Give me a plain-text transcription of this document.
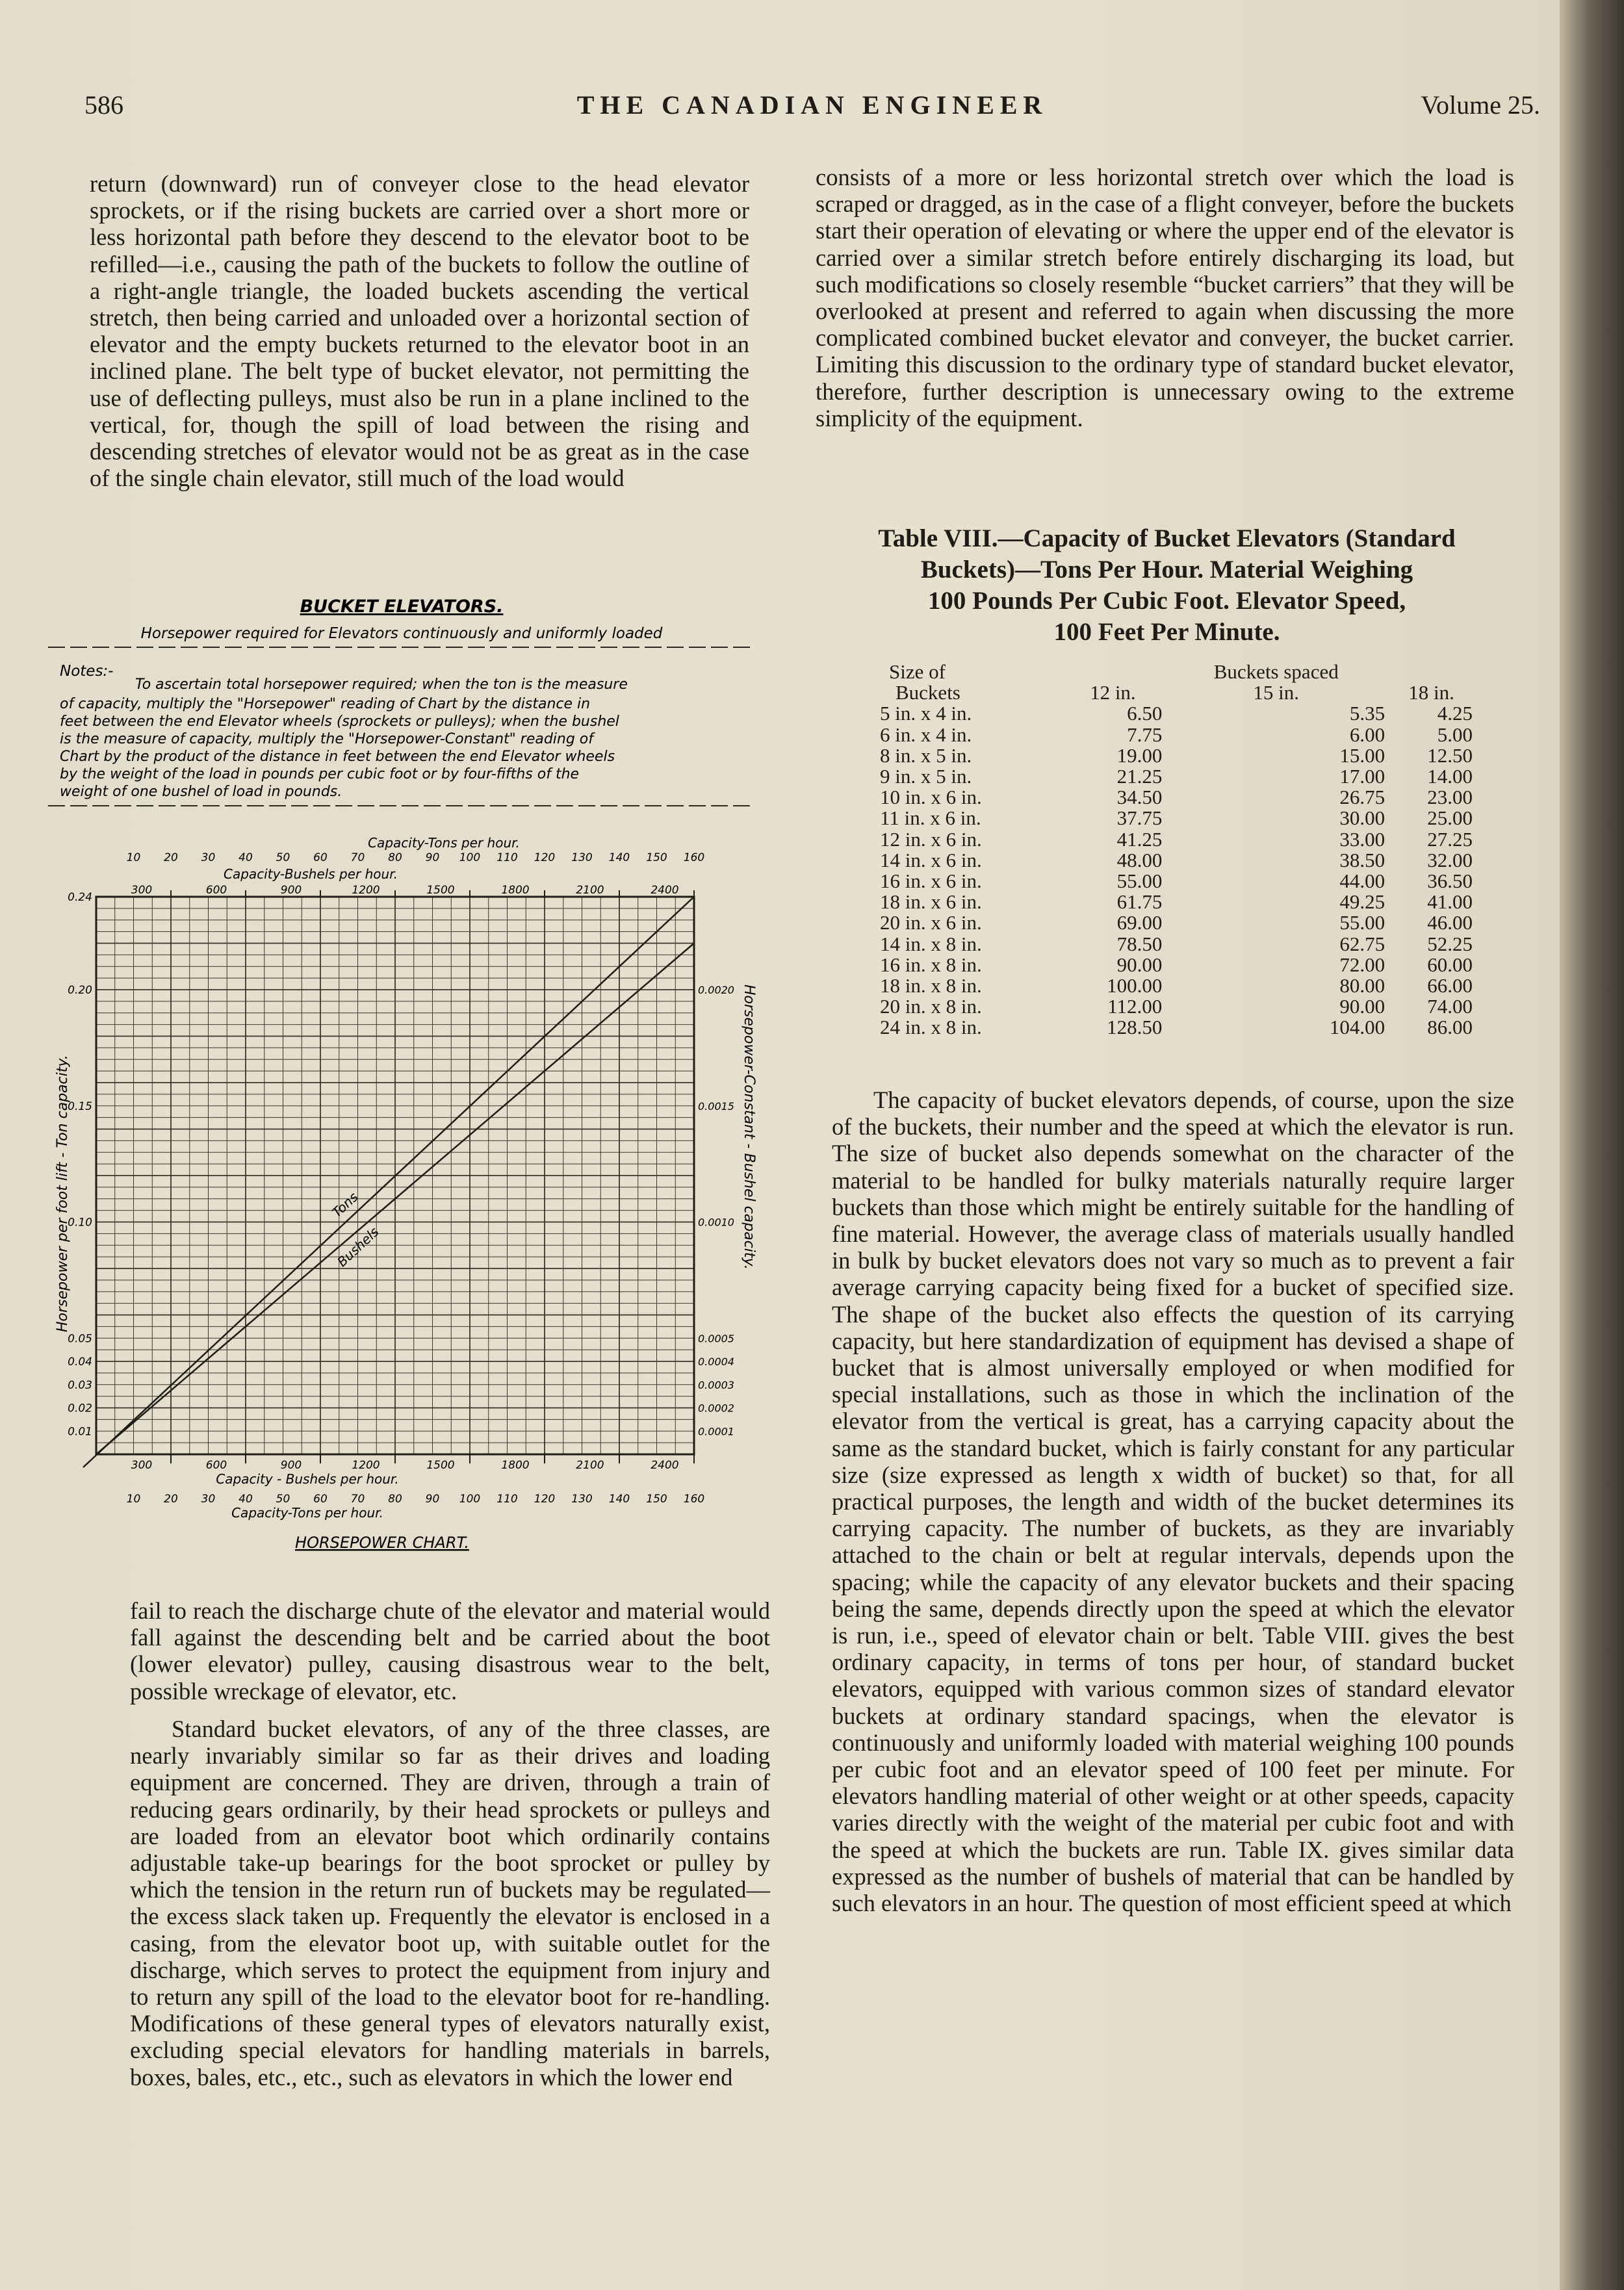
586	THE CANADIAN ENGINEER	Volume 25.

return (downward) run of conveyer close to the head elevator sprockets, or if the rising buckets are carried over a short more or less horizontal path before they descend to the elevator boot to be refilled—i.e., causing the path of the buckets to follow the outline of a right-angle triangle, the loaded buckets ascending the vertical stretch, then being carried and unloaded over a horizontal section of elevator and the empty buckets returned to the elevator boot in an inclined plane. The belt type of bucket elevator, not permitting the use of deflecting pulleys, must also be run in a plane inclined to the vertical, for, though the spill of load between the rising and descending stretches of elevator would not be as great as in the case of the single chain elevator, still much of the load would

BUCKET ELEVATORS.
Horsepower required for Elevators continuously and uniformly loaded
Notes:-
To ascertain total horsepower required; when the ton is the measure
of capacity, multiply the "Horsepower" reading of Chart by the distance in
feet between the end Elevator wheels (sprockets or pulleys); when the bushel
is the measure of capacity, multiply the "Horsepower-Constant" reading of
Chart by the product of the distance in feet between the end Elevator wheels
by the weight of the load in pounds per cubic foot or by four-fifths of the
weight of one bushel of load in pounds.
Capacity-Tons per hour.
Capacity-Bushels per hour.
Tons
Bushels
10 20 30 40 50 60 70 80 90 100 110 120 130 140 150 160
10 20 30 40 50 60 70 80 90 100 110 120 130 140 150 160
300
300
600
600
900
900
1200
1200
1500
1500
1800
1800
2100
2100
2400
2400
0.24
0.20
0.15
0.10
0.05
0.04
0.03
0.02
0.01
0.0020
0.0015
0.0010
0.0005
0.0004
0.0003
0.0002
0.0001
Capacity - Bushels per hour.
Capacity-Tons per hour.
Horsepower per foot lift - Ton capacity.	Horsepower-Constant - Bushel capacity.
HORSEPOWER CHART.

fail to reach the discharge chute of the elevator and material would fall against the descending belt and be carried about the boot (lower elevator) pulley, causing disastrous wear to the belt, possible wreckage of elevator, etc.

Standard bucket elevators, of any of the three classes, are nearly invariably similar so far as their drives and loading equipment are concerned. They are driven, through a train of reducing gears ordinarily, by their head sprockets or pulleys and are loaded from an elevator boot which ordinarily contains adjustable take-up bearings for the boot sprocket or pulley by which the tension in the return run of buckets may be regulated—the excess slack taken up. Frequently the elevator is enclosed in a casing, from the elevator boot up, with suitable outlet for the discharge, which serves to protect the equipment from injury and to return any spill of the load to the elevator boot for re-handling. Modifications of these general types of elevators naturally exist, excluding special elevators for handling materials in barrels, boxes, bales, etc., etc., such as elevators in which the lower end

consists of a more or less horizontal stretch over which the load is scraped or dragged, as in the case of a flight conveyer, before the buckets start their operation of elevating or where the upper end of the elevator is carried over a similar stretch before entirely discharging its load, but such modifications so closely resemble “bucket carriers” that they will be overlooked at present and referred to again when discussing the more complicated combined bucket elevator and conveyer, the bucket carrier. Limiting this discussion to the ordinary type of standard bucket elevator, therefore, further description is unnecessary owing to the extreme simplicity of the equipment.

Table VIII.—Capacity of Bucket Elevators (Standard
Buckets)—Tons Per Hour. Material Weighing
100 Pounds Per Cubic Foot. Elevator Speed,
100 Feet Per Minute.
Size of		Buckets spaced	
Buckets	12 in.	15 in.	18 in.
5 in. x 4 in.	6.50	5.35	4.25
6 in. x 4 in.	7.75	6.00	5.00
8 in. x 5 in.	19.00	15.00	12.50
9 in. x 5 in.	21.25	17.00	14.00
10 in. x 6 in.	34.50	26.75	23.00
11 in. x 6 in.	37.75	30.00	25.00
12 in. x 6 in.	41.25	33.00	27.25
14 in. x 6 in.	48.00	38.50	32.00
16 in. x 6 in.	55.00	44.00	36.50
18 in. x 6 in.	61.75	49.25	41.00
20 in. x 6 in.	69.00	55.00	46.00
14 in. x 8 in.	78.50	62.75	52.25
16 in. x 8 in.	90.00	72.00	60.00
18 in. x 8 in.	100.00	80.00	66.00
20 in. x 8 in.	112.00	90.00	74.00
24 in. x 8 in.	128.50	104.00	86.00

The capacity of bucket elevators depends, of course, upon the size of the buckets, their number and the speed at which the elevator is run. The size of bucket also depends somewhat on the character of the material to be handled for bulky materials naturally require larger buckets than those which might be entirely suitable for the handling of fine material. However, the average class of materials usually handled in bulk by bucket elevators does not vary so much as to prevent a fair average carrying capacity being fixed for a bucket of specified size. The shape of the bucket also effects the question of its carrying capacity, but here standardization of equipment has devised a shape of bucket that is almost universally employed or when modified for special installations, such as those in which the inclination of the elevator from the vertical is great, has a carrying capacity about the same as the standard bucket, which is fairly constant for any particular size (size expressed as length x width of bucket) so that, for all practical purposes, the length and width of the bucket determines its carrying capacity. The number of buckets, as they are invariably attached to the chain or belt at regular intervals, depends upon the spacing; while the capacity of any elevator buckets and their spacing being the same, depends directly upon the speed at which the elevator is run, i.e., speed of elevator chain or belt. Table VIII. gives the best ordinary capacity, in terms of tons per hour, of standard bucket elevators, equipped with various common sizes of standard elevator buckets at ordinary standard spacings, when the elevator is continuously and uniformly loaded with material weighing 100 pounds per cubic foot and an elevator speed of 100 feet per minute. For elevators handling material of other weight or at other speeds, capacity varies directly with the weight of the material per cubic foot and with the speed at which the buckets are run. Table IX. gives similar data expressed as the number of bushels of material that can be handled by such elevators in an hour. The question of most efficient speed at which
